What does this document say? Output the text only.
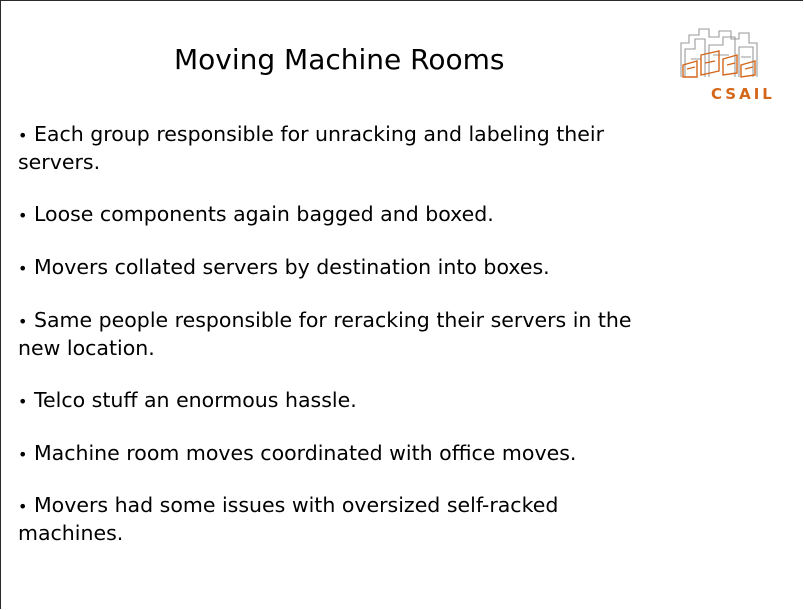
Moving Machine Rooms
CSAIL
• Each group responsible for unracking and labeling their servers.
• Loose components again bagged and boxed.
• Movers collated servers by destination into boxes.
• Same people responsible for reracking their servers in the new location.
• Telco stuff an enormous hassle.
• Machine room moves coordinated with office moves.
• Movers had some issues with oversized self-racked machines.
